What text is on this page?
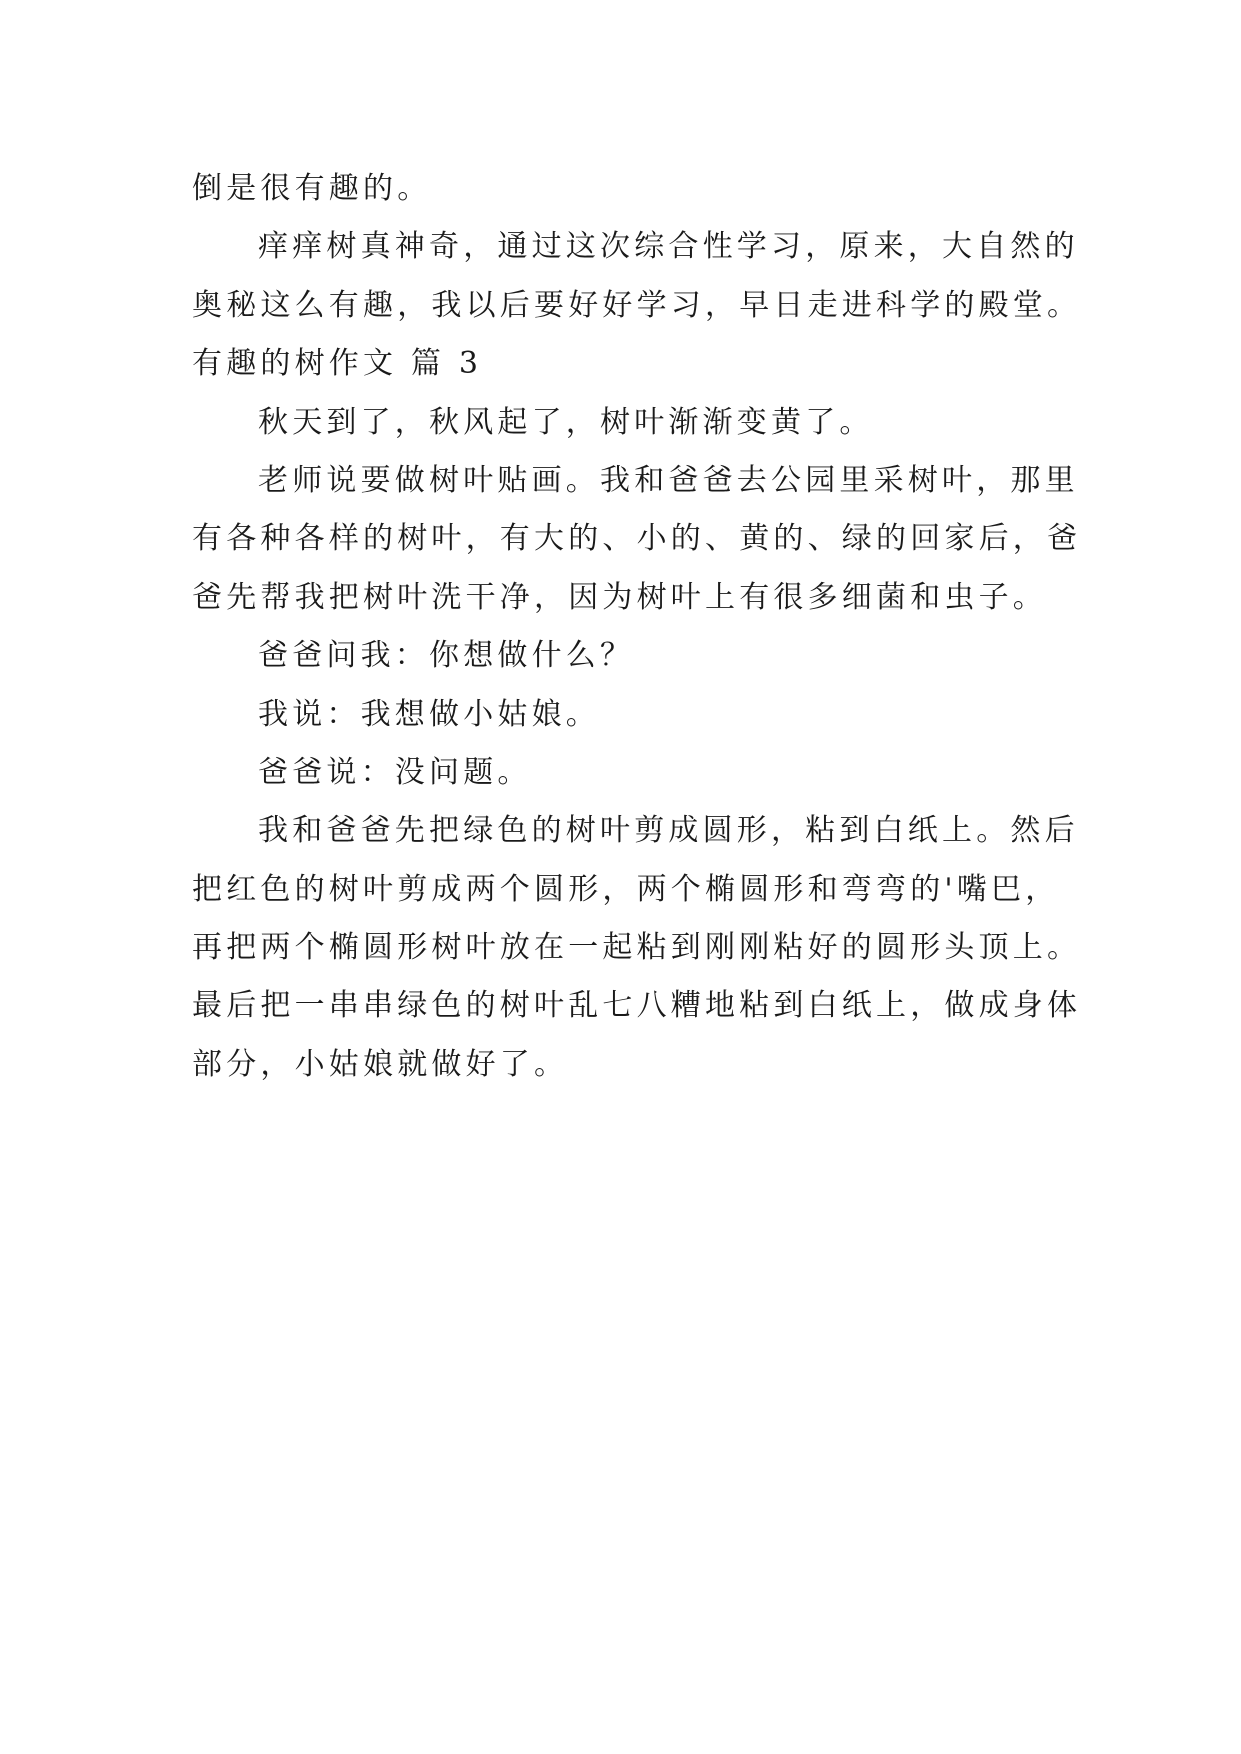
倒是很有趣的。
痒痒树真神奇，通过这次综合性学习，原来，大自然的
奥秘这么有趣，我以后要好好学习，早日走进科学的殿堂。
有趣的树作文 篇 3
秋天到了，秋风起了，树叶渐渐变黄了。
老师说要做树叶贴画。我和爸爸去公园里采树叶，那里
有各种各样的树叶，有大的、小的、黄的、绿的回家后，爸
爸先帮我把树叶洗干净，因为树叶上有很多细菌和虫子。
爸爸问我：你想做什么？
我说：我想做小姑娘。
爸爸说：没问题。
我和爸爸先把绿色的树叶剪成圆形，粘到白纸上。然后
把红色的树叶剪成两个圆形，两个椭圆形和弯弯的'嘴巴，
再把两个椭圆形树叶放在一起粘到刚刚粘好的圆形头顶上。
最后把一串串绿色的树叶乱七八糟地粘到白纸上，做成身体
部分，小姑娘就做好了。
